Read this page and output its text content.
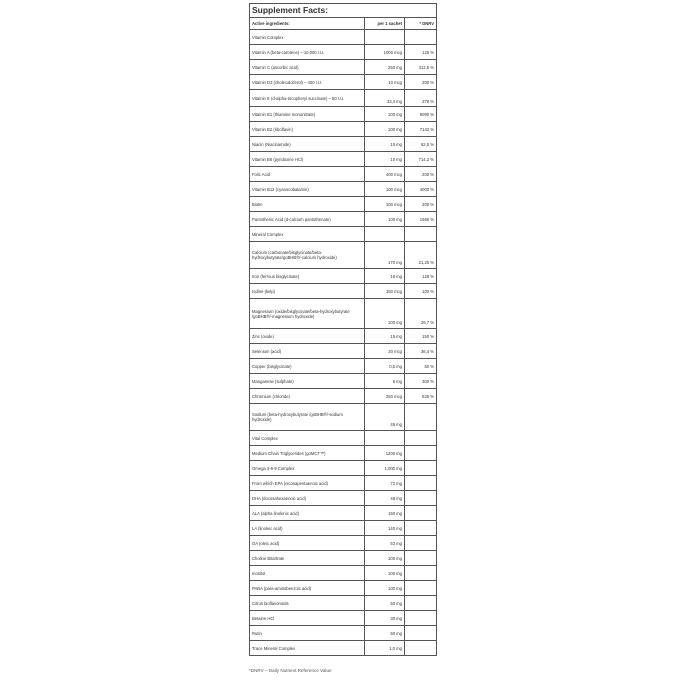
Supplement Facts:		
Active ingredients:	per 1 sachet	* DNRV
Vitamin Complex		
Vitamin A (beta-carotene) – 10,000 I.U.	1000 mcg	125 %
Vitamin C (ascorbic acid)	250 mg	312,5 %
Vitamin D3 (cholecalciferol) – 400 I.U.	10 mcg	200 %
Vitamin E (d-alpha-tocopheryl succinate) – 50 I.U.	33,4 mg	278 %
Vitamin B1 (thiamine mononitrate)	100 mg	9090 %
Vitamin B2 (riboflavin)	100 mg	7142 %
Niacin (Niacinamide)	10 mg	62,5 %
Vitamin B6 (pyridoxine HCl)	10 mg	714,2 %
Folic Acid	400 mcg	200 %
Vitamin B12 (cyanocobalamin)	100 mcg	4000 %
Biotin	100 mcg	200 %
Pantothenic Acid (d-calcium pantothenate)	100 mg	1666 %
Mineral Complex		
Calcium (carbonate/bisglycinate/beta-hydroxybutyrate/goBHB®/-calcium hydroxide)	170 mg	21,25 %
Iron (ferrous bisglycinate)	18 mg	128 %
Iodine (kelp)	150 mcg	100 %
Magnesium (oxide/bisglycinate/beta-hydroxybutyrate /goBHB®/-magnesium hydroxide)	100 mg	26,7 %
Zinc (oxide)	15 mg	150 %
Selenium (acid)	20 mcg	36,4 %
Copper (bisglycinate)	0,5 mg	50 %
Manganese (sulphate)	6 mg	300 %
Chromium (chloride)	250 mcg	625 %
Sodium (beta-hydroxybutyrate /goBHB®/-sodium hydroxide)	45 mg	
Vital Complex		
Medium Chain Triglycerides (goMCT™)	1200 mg	
Omega 3-6-9 Complex	1,000 mg	
From which EPA (eicosapentaenoic acid)	72 mg	
DHA (docosahexaenoic acid)	48 mg	
ALA (alpha linolenic acid)	150 mg	
LA (linoleic acid)	140 mg	
OA (oleic acid)	53 mg	
Choline Bitartrate	100 mg	
Inositol	100 mg	
PABA (para-aminobenzoic acid)	100 mg	
Citrus bioflavonoids	50 mg	
Betaine HCl	30 mg	
Rutin	50 mg	
Trace Mineral Complex	1,0 mg	
*DNRV – Daily Nutrient Reference Value
